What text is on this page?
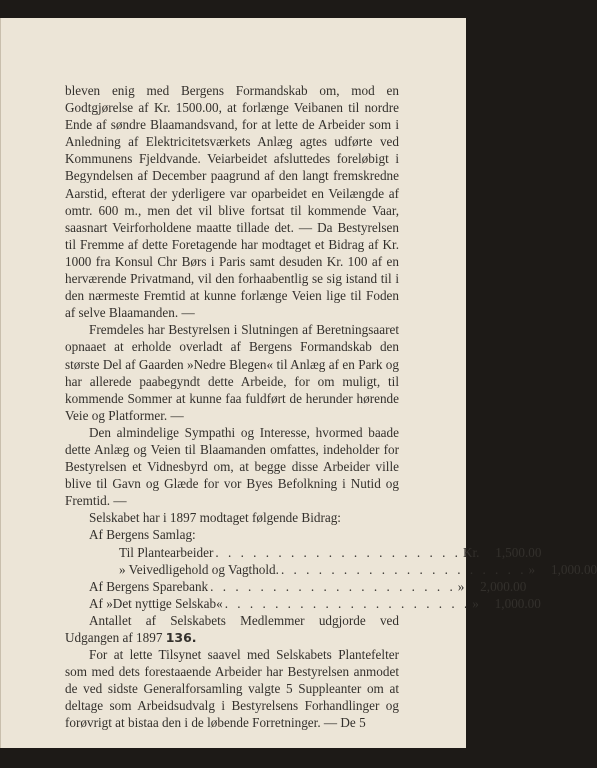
bleven enig med Bergens Formandskab om, mod en Godtgjørelse af Kr. 1500.00, at forlænge Veibanen til nordre Ende af søndre Blaamandsvand, for at lette de Arbeider som i Anledning af Elektricitetsværkets Anlæg agtes udførte ved Kommunens Fjeldvande. Veiarbeidet afsluttedes foreløbigt i Begyndelsen af December paagrund af den langt fremskredne Aarstid, efterat der yderligere var oparbeidet en Veilængde af omtr. 600 m., men det vil blive fortsat til kommende Vaar, saasnart Veirforholdene maatte tillade det. — Da Bestyrelsen til Fremme af dette Foretagende har modtaget et Bidrag af Kr. 1000 fra Konsul Chr Børs i Paris samt desuden Kr. 100 af en herværende Privatmand, vil den forhaabentlig se sig istand til i den nærmeste Fremtid at kunne forlænge Veien lige til Foden af selve Blaamanden. —

Fremdeles har Bestyrelsen i Slutningen af Beretningsaaret opnaaet at erholde overladt af Bergens Formandskab den største Del af Gaarden »Nedre Blegen« til Anlæg af en Park og har allerede paabegyndt dette Arbeide, for om muligt, til kommende Sommer at kunne faa fuldført de herunder hørende Veie og Platformer. —

Den almindelige Sympathi og Interesse, hvormed baade dette Anlæg og Veien til Blaamanden omfattes, indeholder for Bestyrelsen et Vidnesbyrd om, at begge disse Arbeider ville blive til Gavn og Glæde for vor Byes Befolkning i Nutid og Fremtid. —

Selskabet har i 1897 modtaget følgende Bidrag:

Af Bergens Samlag:
Til Plantearbeider . . . . . . . . . . . . . . . . . . . . Kr.	1,500.00
» Veivedligehold og Vagthold. . . . . . . . . . . . . . . . . . . . . »	1,000.00
Af Bergens Sparebank . . . . . . . . . . . . . . . . . . . . »	2,000.00
Af »Det nyttige Selskab« . . . . . . . . . . . . . . . . . . . . »	1,000.00

Antallet af Selskabets Medlemmer udgjorde ved Udgangen af 1897 136.

For at lette Tilsynet saavel med Selskabets Plantefelter som med dets forestaaende Arbeider har Bestyrelsen anmodet de ved sidste Generalforsamling valgte 5 Suppleanter om at deltage som Arbeidsudvalg i Bestyrelsens Forhandlinger og forøvrigt at bistaa den i de løbende Forretninger. — De 5
